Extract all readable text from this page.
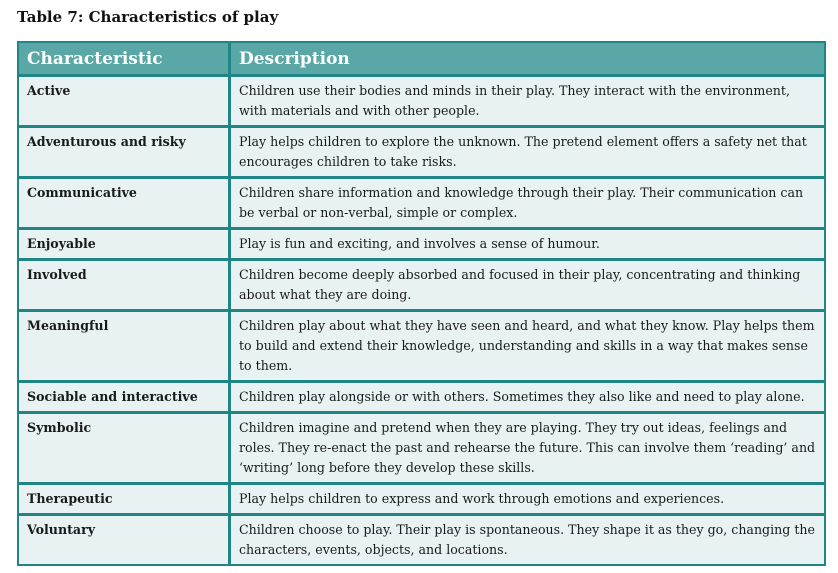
Table 7: Characteristics of play
Characteristic	Description
Active	Children use their bodies and minds in their play. They interact with the environment, with materials and with other people.
Adventurous and risky	Play helps children to explore the unknown. The pretend element offers a safety net that encourages children to take risks.
Communicative	Children share information and knowledge through their play. Their communication can be verbal or non-verbal, simple or complex.
Enjoyable	Play is fun and exciting, and involves a sense of humour.
Involved	Children become deeply absorbed and focused in their play, concentrating and thinking about what they are doing.
Meaningful	Children play about what they have seen and heard, and what they know. Play helps them to build and extend their knowledge, understanding and skills in a way that makes sense to them.
Sociable and interactive	Children play alongside or with others. Sometimes they also like and need to play alone.
Symbolic	Children imagine and pretend when they are playing. They try out ideas, feelings and roles. They re-enact the past and rehearse the future. This can involve them ‘reading’ and ‘writing’ long before they develop these skills.
Therapeutic	Play helps children to express and work through emotions and experiences.
Voluntary	Children choose to play. Their play is spontaneous. They shape it as they go, changing the characters, events, objects, and locations.
